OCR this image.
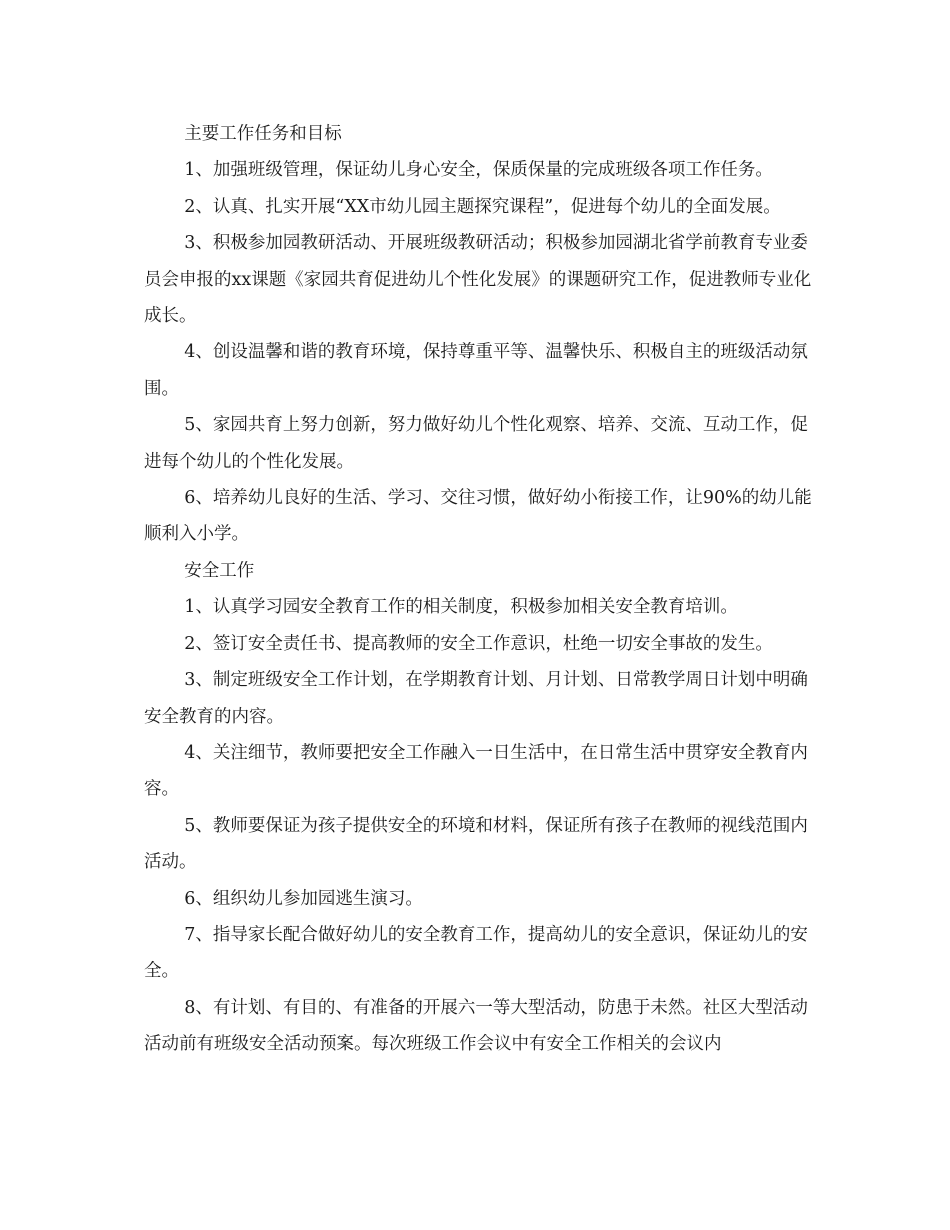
主要工作任务和目标

1、加强班级管理，保证幼儿身心安全，保质保量的完成班级各项工作任务。

2、认真、扎实开展“XX市幼儿园主题探究课程”，促进每个幼儿的全面发展。

3、积极参加园教研活动、开展班级教研活动；积极参加园湖北省学前教育专业委员会申报的xx课题《家园共育促进幼儿个性化发展》的课题研究工作，促进教师专业化成长。

4、创设温馨和谐的教育环境，保持尊重平等、温馨快乐、积极自主的班级活动氛围。

5、家园共育上努力创新，努力做好幼儿个性化观察、培养、交流、互动工作，促进每个幼儿的个性化发展。

6、培养幼儿良好的生活、学习、交往习惯，做好幼小衔接工作，让90%的幼儿能顺利入小学。

安全工作

1、认真学习园安全教育工作的相关制度，积极参加相关安全教育培训。

2、签订安全责任书、提高教师的安全工作意识，杜绝一切安全事故的发生。

3、制定班级安全工作计划，在学期教育计划、月计划、日常教学周日计划中明确安全教育的内容。

4、关注细节，教师要把安全工作融入一日生活中，在日常生活中贯穿安全教育内容。

5、教师要保证为孩子提供安全的环境和材料，保证所有孩子在教师的视线范围内活动。

6、组织幼儿参加园逃生演习。

7、指导家长配合做好幼儿的安全教育工作，提高幼儿的安全意识，保证幼儿的安全。

8、有计划、有目的、有准备的开展六一等大型活动，防患于未然。社区大型活动活动前有班级安全活动预案。每次班级工作会议中有安全工作相关的会议内
